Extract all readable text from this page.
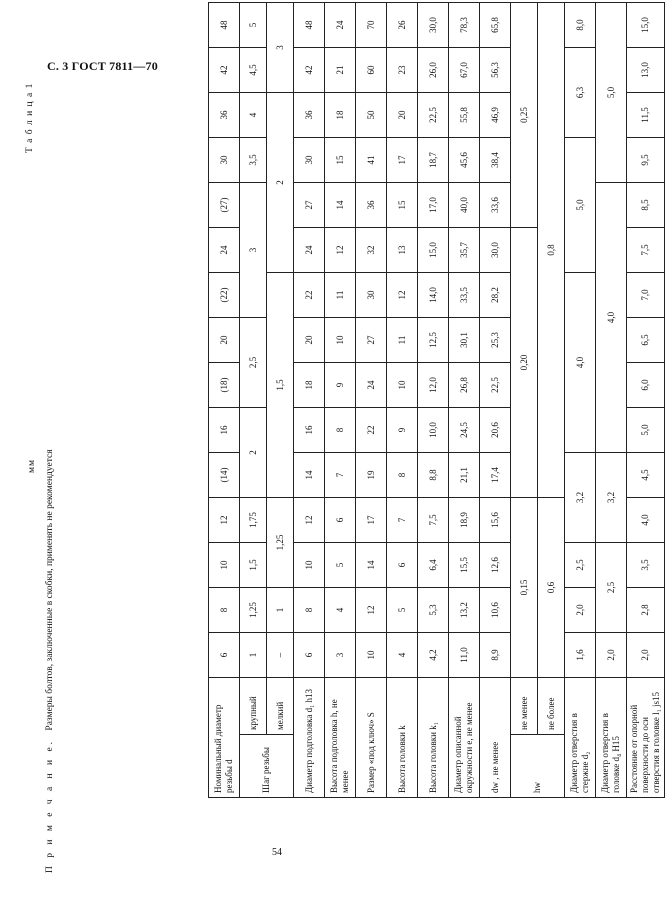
С. 3 ГОСТ 7811—70
54
П р и м е ч а н и е. Размеры болтов, заключенные в скобки, применять не рекомендуется
мм
Т а б л и ц а 1
Номинальный диаметр резьбы d		6	8	10	12	(14)	16	(18)	20	(22)	24	(27)	30	36	42	48
Шаг резьбы	крупный	1	1,25	1,5	1,75	2		2,5		3			3,5	4	4,5	5
	мелкий	–	1	1,25		1,5					2				3	
Диаметр подголовка d₁ h13		6	8	10	12	14	16	18	20	22	24	27	30	36	42	48
Высота подголовка h, не менее		3	4	5	6	7	8	9	10	11	12	14	15	18	21	24
Размер «под ключ» S		10	12	14	17	19	22	24	27	30	32	36	41	50	60	70
Высота головки k		4	5	6	7	8	9	10	11	12	13	15	17	20	23	26
Высота головки k₁		4,2	5,3	6,4	7,5	8,8	10,0	12,0	12,5	14,0	15,0	17,0	18,7	22,5	26,0	30,0
Диаметр описанной окружности e, не менее		11,0	13,2	15,5	18,9	21,1	24,5	26,8	30,1	33,5	35,7	40,0	45,6	55,8	67,0	78,3
dw , не менее		8,9	10,6	12,6	15,6	17,4	20,6	22,5	25,3	28,2	30,0	33,6	38,4	46,9	56,3	65,8
hw	не менее	0,15				0,20						0,25				
	не более	0,6				0,8										
Диаметр отверстия в стержне d₂		1,6	2,0	2,5	3,2		4,0				5,0			6,3		8,0
Диаметр отверстия в головке d₄ H15		2,0	2,5		3,2		4,0						5,0			
Расстояние от опорной поверхности до оси отверстия в головке l₁ js15		2,0	2,8	3,5	4,0	4,5	5,0	6,0	6,5	7,0	7,5	8,5	9,5	11,5	13,0	15,0
